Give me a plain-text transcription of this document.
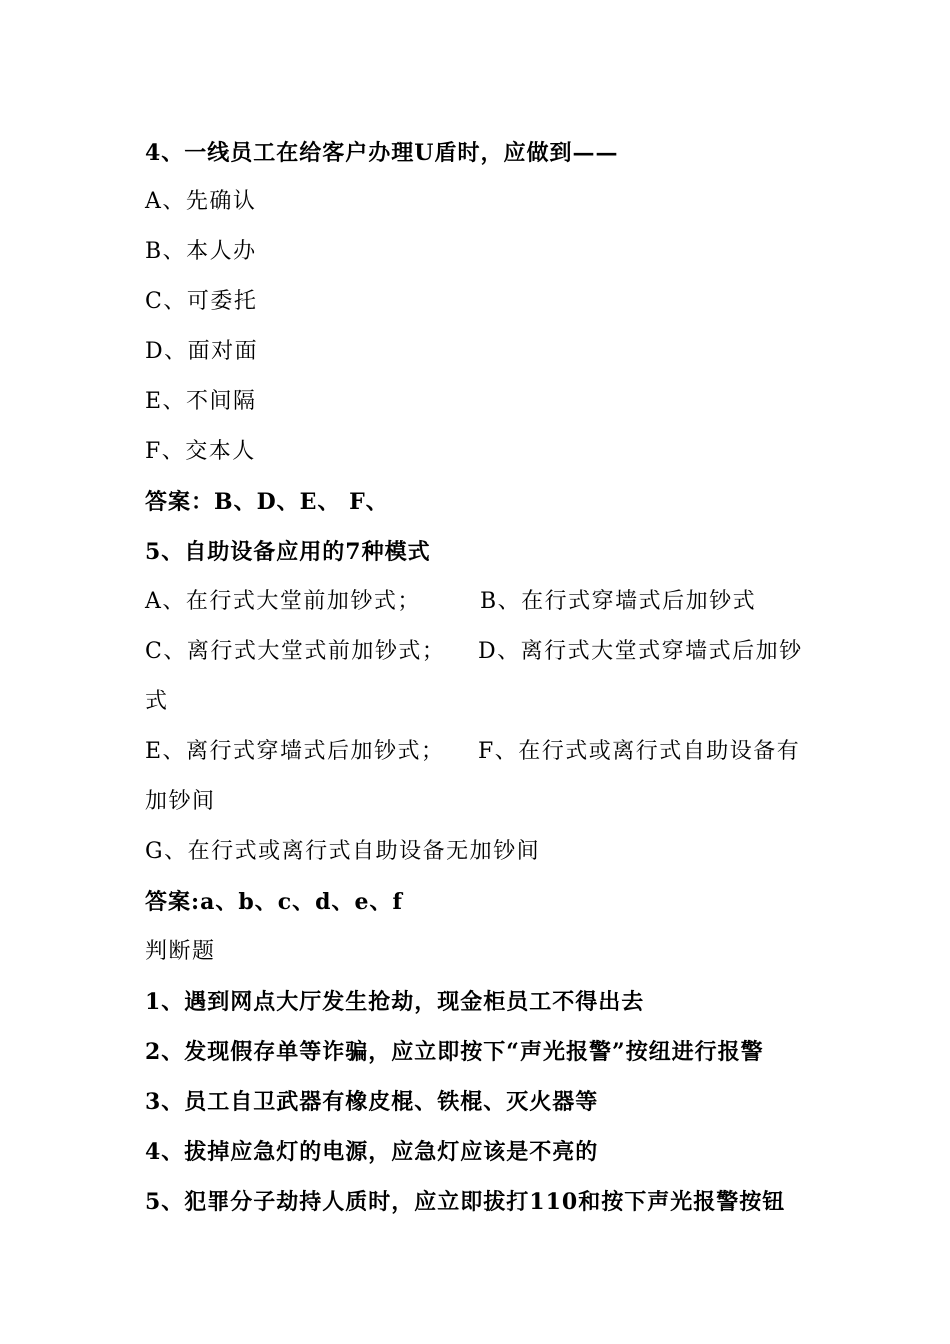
4、一线员工在给客户办理U盾时，应做到——
A、先确认
B、本人办
C、可委托
D、面对面
E、不间隔
F、交本人
答案：B、D、E、 F、
5、自助设备应用的7种模式
A、在行式大堂前加钞式；	B、在行式穿墙式后加钞式
C、离行式大堂式前加钞式； D、离行式大堂式穿墙式后加钞
式
E、离行式穿墙式后加钞式； F、在行式或离行式自助设备有
加钞间
G、在行式或离行式自助设备无加钞间
答案:a、b、c、d、e、f
判断题
1、遇到网点大厅发生抢劫，现金柜员工不得出去
2、发现假存单等诈骗，应立即按下“声光报警”按纽进行报警
3、员工自卫武器有橡皮棍、铁棍、灭火器等
4、拔掉应急灯的电源，应急灯应该是不亮的
5、犯罪分子劫持人质时，应立即拔打110和按下声光报警按钮
